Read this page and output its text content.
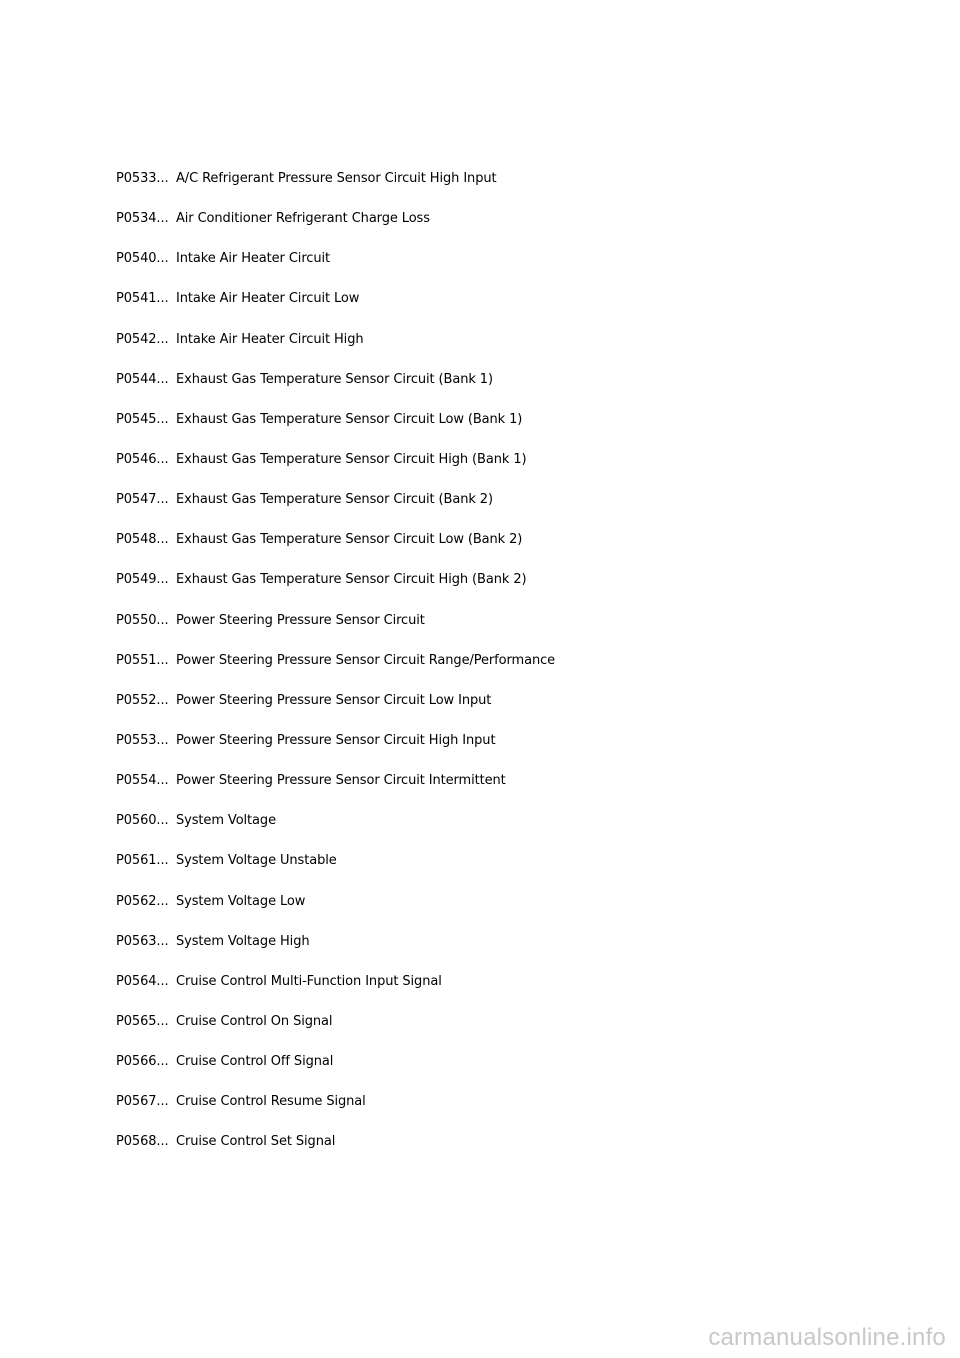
P0533... A/C Refrigerant Pressure Sensor Circuit High Input
P0534... Air Conditioner Refrigerant Charge Loss
P0540... Intake Air Heater Circuit
P0541... Intake Air Heater Circuit Low
P0542... Intake Air Heater Circuit High
P0544... Exhaust Gas Temperature Sensor Circuit (Bank 1)
P0545... Exhaust Gas Temperature Sensor Circuit Low (Bank 1)
P0546... Exhaust Gas Temperature Sensor Circuit High (Bank 1)
P0547... Exhaust Gas Temperature Sensor Circuit (Bank 2)
P0548... Exhaust Gas Temperature Sensor Circuit Low (Bank 2)
P0549... Exhaust Gas Temperature Sensor Circuit High (Bank 2)
P0550... Power Steering Pressure Sensor Circuit
P0551... Power Steering Pressure Sensor Circuit Range/Performance
P0552... Power Steering Pressure Sensor Circuit Low Input
P0553... Power Steering Pressure Sensor Circuit High Input
P0554... Power Steering Pressure Sensor Circuit Intermittent
P0560... System Voltage
P0561... System Voltage Unstable
P0562... System Voltage Low
P0563... System Voltage High
P0564... Cruise Control Multi-Function Input Signal
P0565... Cruise Control On Signal
P0566... Cruise Control Off Signal
P0567... Cruise Control Resume Signal
P0568... Cruise Control Set Signal
carmanualsonline.info
